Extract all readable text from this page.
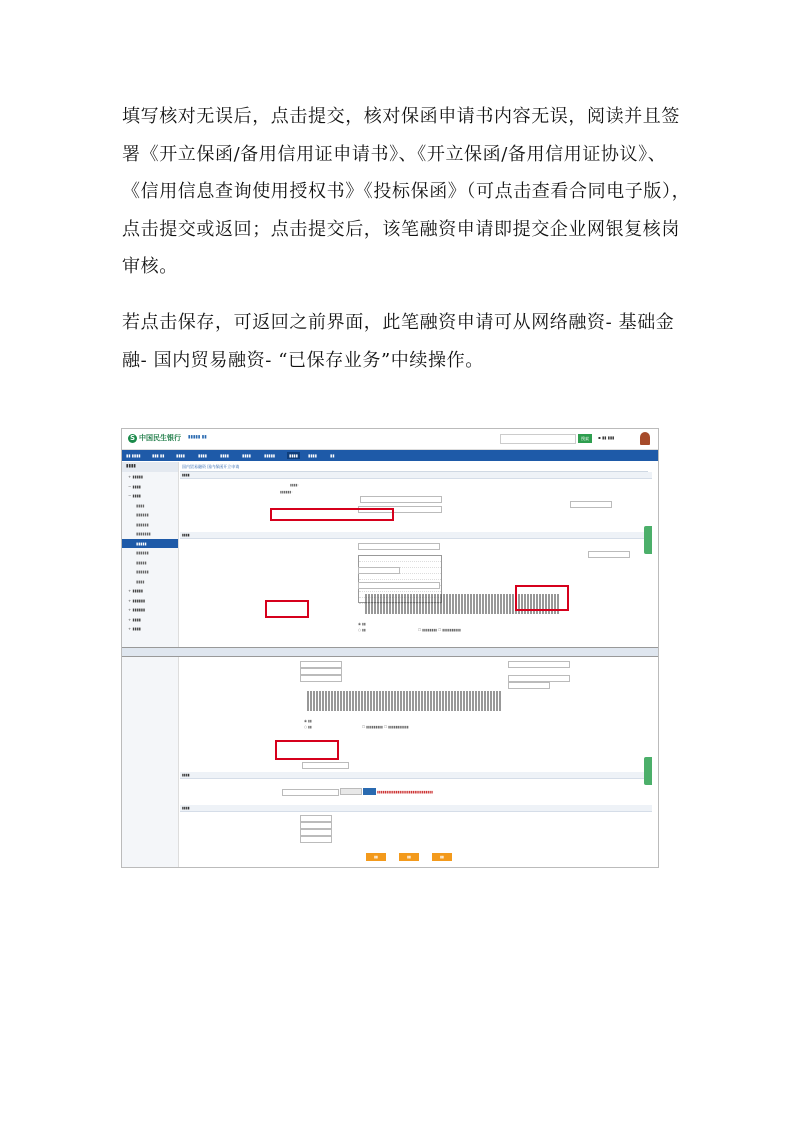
填写核对无误后，点击提交，核对保函申请书内容无误，阅读并且签
署《开立保函/备用信用证申请书》、《开立保函/备用信用证协议》、
《信用信息查询使用授权书》《投标保函》（可点击查看合同电子版），
点击提交或返回；点击提交后，该笔融资申请即提交企业网银复核岗
审核。
若点击保存，可返回之前界面，此笔融资申请可从网络融资- 基础金
融- 国内贸易融资- “已保存业务”中续操作。
S 中国民生银行 ▮▮▮▮▮ ▮▮	搜索	▪ ▮▮ ▮▮▮
▮▮ ▮▮▮▮	▮▮▮ ▮▮	▮▮▮▮	▮▮▮▮	▮▮▮▮	▮▮▮▮	▮▮▮▮▮	▮▮▮▮	▮▮▮▮	▮▮
▮▮▮▮
+ ▮▮▮▮▮
− ▮▮▮▮
− ▮▮▮▮
▮▮▮▮
▮▮▮▮▮▮
▮▮▮▮▮▮
▮▮▮▮▮▮▮
▮▮▮▮▮
▮▮▮▮▮▮
▮▮▮▮▮
▮▮▮▮▮▮
▮▮▮▮
+ ▮▮▮▮▮
+ ▮▮▮▮▮▮
+ ▮▮▮▮▮▮
+ ▮▮▮▮
+ ▮▮▮▮
国内贸易融资 国内保函开立申请
▮▮▮▮
▮▮▮▮：
▮▮▮▮▮▮：
▮▮▮▮
◉ ▮▮
○ ▮▮	☐ ▮▮▮▮▮▮▮▮ ☐ ▮▮▮▮▮▮▮▮▮▮
◉ ▮▮
○ ▮▮	☐ ▮▮▮▮▮▮▮▮▮ ☐ ▮▮▮▮▮▮▮▮▮▮▮
▮▮▮▮
▮▮▮▮▮▮▮▮▮▮▮▮▮▮▮▮▮▮▮▮▮▮▮▮▮▮▮▮▮▮
▮▮▮▮
▮▮	▮▮	▮▮
